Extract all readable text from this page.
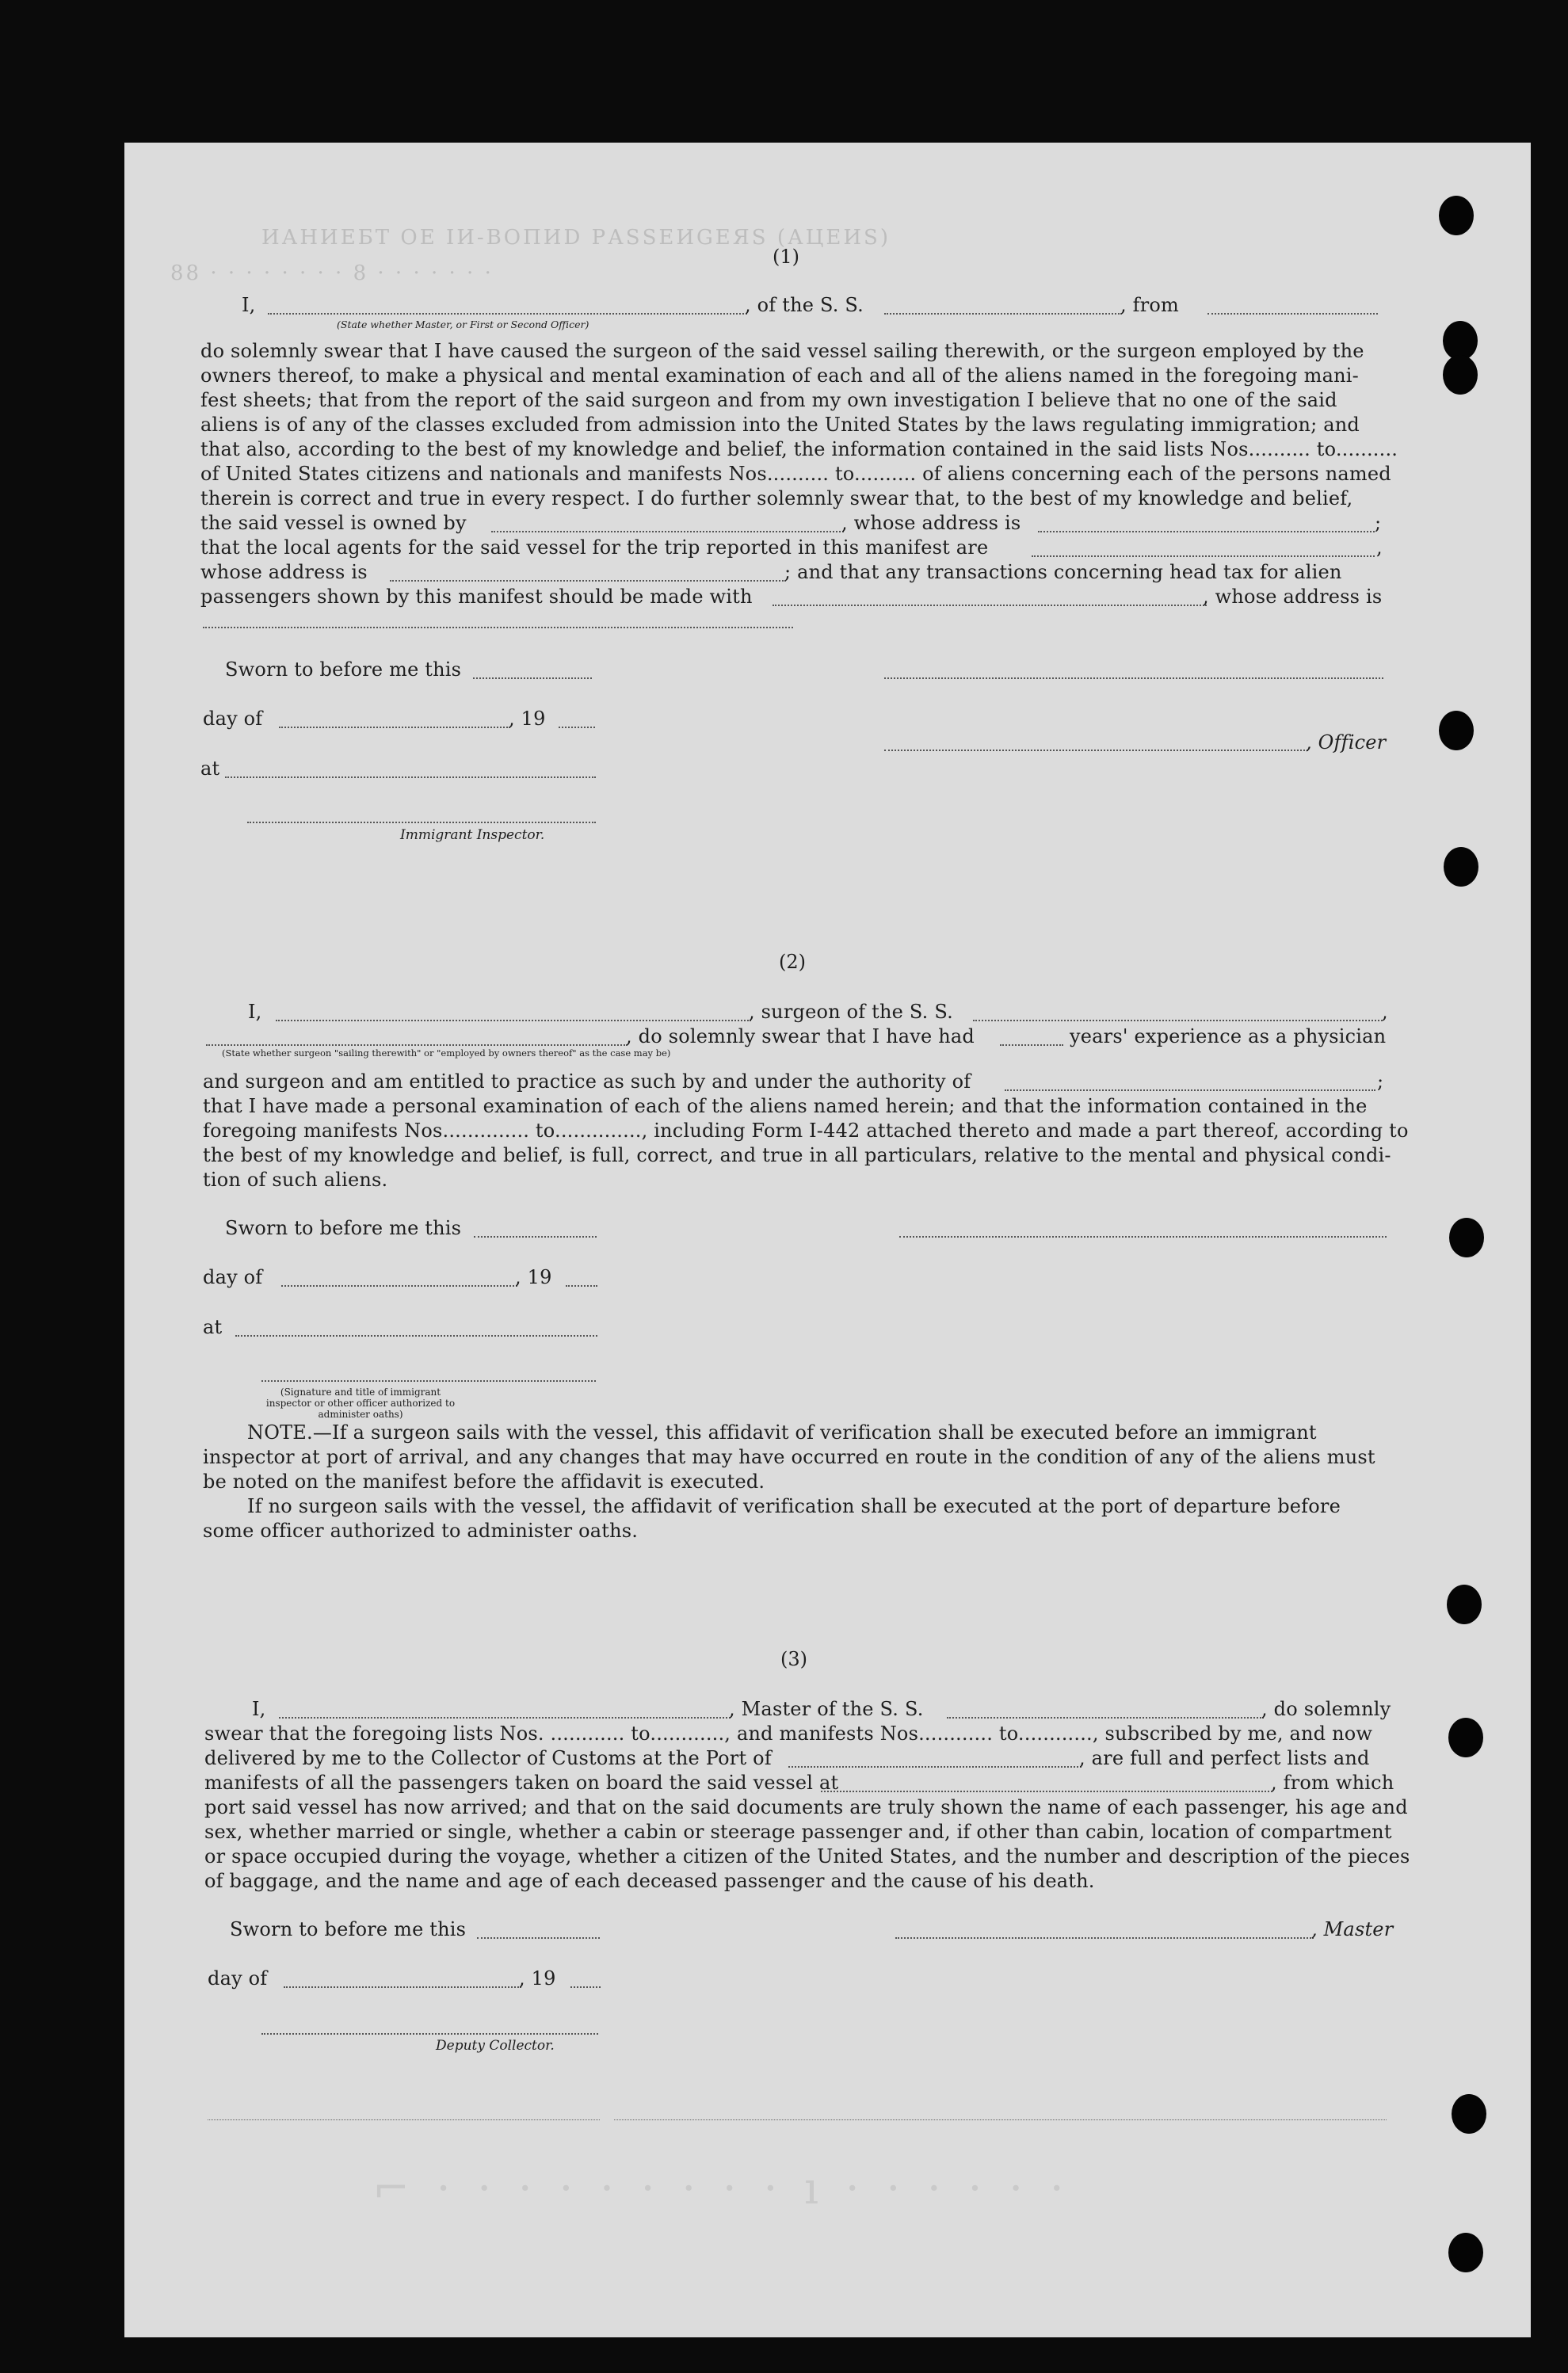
ИАНИЕБТ ОЕ ІИ-ВОПИD РАЅЅЕИGЕЯЅ (АЦЕИЅ)
88 · · · · · · · · 8 · · · · · · ·
⌐ · · · · · · · · · ı · · · · · ·
(1)
I,	, of the S. S.	, from
(State whether Master, or First or Second Officer)
do solemnly swear that I have caused the surgeon of the said vessel sailing therewith, or the surgeon employed by the
owners thereof, to make a physical and mental examination of each and all of the aliens named in the foregoing mani-
fest sheets; that from the report of the said surgeon and from my own investigation I believe that no one of the said
aliens is of any of the classes excluded from admission into the United States by the laws regulating immigration; and
that also, according to the best of my knowledge and belief, the information contained in the said lists Nos.......... to..........
of United States citizens and nationals and manifests Nos.......... to.......... of aliens concerning each of the persons named
therein is correct and true in every respect. I do further solemnly swear that, to the best of my knowledge and belief,
the said vessel is owned by	, whose address is	;
that the local agents for the said vessel for the trip reported in this manifest are	,
whose address is	; and that any transactions concerning head tax for alien
passengers shown by this manifest should be made with	, whose address is
Sworn to before me this
day of	, 19
, Officer
at
Immigrant Inspector.
(2)
I,	, surgeon of the S. S.	,
, do solemnly swear that I have had	years' experience as a physician
(State whether surgeon "sailing therewith" or "employed by owners thereof" as the case may be)
and surgeon and am entitled to practice as such by and under the authority of	;
that I have made a personal examination of each of the aliens named herein; and that the information contained in the
foregoing manifests Nos.............. to.............., including Form I-442 attached thereto and made a part thereof, according to
the best of my knowledge and belief, is full, correct, and true in all particulars, relative to the mental and physical condi-
tion of such aliens.
Sworn to before me this
day of	, 19
at
(Signature and title of immigrant inspector or other officer authorized to administer oaths)
NOTE.—If a surgeon sails with the vessel, this affidavit of verification shall be executed before an immigrant
inspector at port of arrival, and any changes that may have occurred en route in the condition of any of the aliens must
be noted on the manifest before the affidavit is executed.
If no surgeon sails with the vessel, the affidavit of verification shall be executed at the port of departure before
some officer authorized to administer oaths.
(3)
I,	, Master of the S. S.	, do solemnly
swear that the foregoing lists Nos. ............ to............, and manifests Nos............ to............, subscribed by me, and now
delivered by me to the Collector of Customs at the Port of	, are full and perfect lists and
manifests of all the passengers taken on board the said vessel at	, from which
port said vessel has now arrived; and that on the said documents are truly shown the name of each passenger, his age and
sex, whether married or single, whether a cabin or steerage passenger and, if other than cabin, location of compartment
or space occupied during the voyage, whether a citizen of the United States, and the number and description of the pieces
of baggage, and the name and age of each deceased passenger and the cause of his death.
Sworn to before me this	, Master
day of	, 19
Deputy Collector.
